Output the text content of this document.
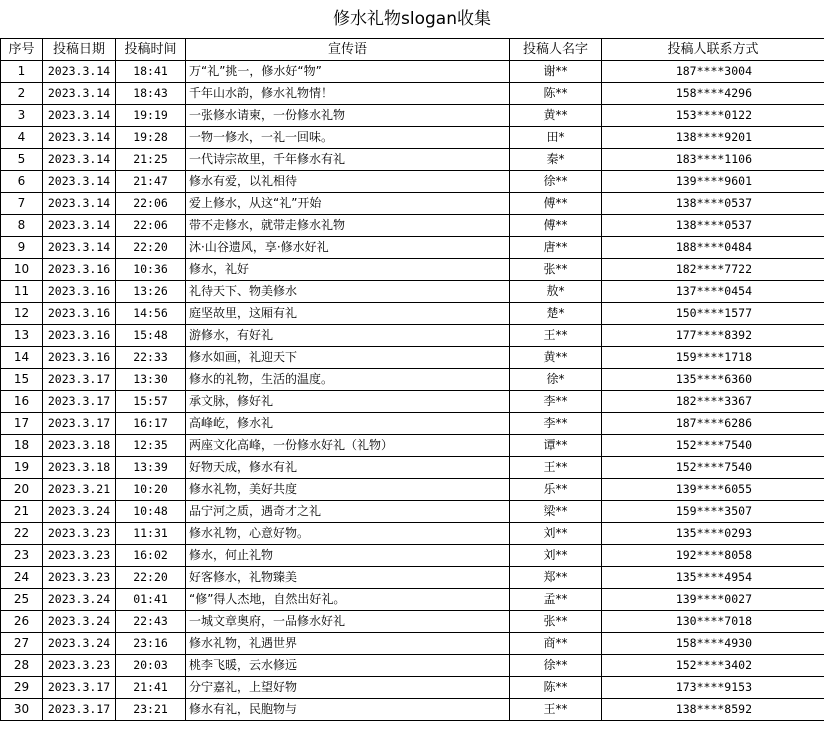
修水礼物slogan收集
序号	投稿日期	投稿时间	宣传语	投稿人名字	投稿人联系方式
1	2023.3.14	18:41	万“礼”挑一，修水好“物”	谢**	187****3004
2	2023.3.14	18:43	千年山水韵，修水礼物情！	陈**	158****4296
3	2023.3.14	19:19	一张修水请柬，一份修水礼物	黄**	153****0122
4	2023.3.14	19:28	一物一修水，一礼一回味。	田*	138****9201
5	2023.3.14	21:25	一代诗宗故里，千年修水有礼	秦*	183****1106
6	2023.3.14	21:47	修水有爱，以礼相待	徐**	139****9601
7	2023.3.14	22:06	爱上修水，从这“礼”开始	傅**	138****0537
8	2023.3.14	22:06	带不走修水，就带走修水礼物	傅**	138****0537
9	2023.3.14	22:20	沐·山谷遗风，享·修水好礼	唐**	188****0484
10	2023.3.16	10:36	修水，礼好	张**	182****7722
11	2023.3.16	13:26	礼待天下、物美修水	敖*	137****0454
12	2023.3.16	14:56	庭坚故里，这厢有礼	楚*	150****1577
13	2023.3.16	15:48	游修水，有好礼	王**	177****8392
14	2023.3.16	22:33	修水如画，礼迎天下	黄**	159****1718
15	2023.3.17	13:30	修水的礼物，生活的温度。	徐*	135****6360
16	2023.3.17	15:57	承文脉，修好礼	李**	182****3367
17	2023.3.17	16:17	高峰屹，修水礼	李**	187****6286
18	2023.3.18	12:35	两座文化高峰，一份修水好礼（礼物）	谭**	152****7540
19	2023.3.18	13:39	好物天成，修水有礼	王**	152****7540
20	2023.3.21	10:20	修水礼物，美好共度	乐**	139****6055
21	2023.3.24	10:48	品宁河之质，遇奇才之礼	梁**	159****3507
22	2023.3.23	11:31	修水礼物，心意好物。	刘**	135****0293
23	2023.3.23	16:02	修水，何止礼物	刘**	192****8058
24	2023.3.23	22:20	好客修水，礼物臻美	郑**	135****4954
25	2023.3.24	01:41	“修”得人杰地，自然出好礼。	孟**	139****0027
26	2023.3.24	22:43	一城文章奥府，一品修水好礼	张**	130****7018
27	2023.3.24	23:16	修水礼物，礼遇世界	商**	158****4930
28	2023.3.23	20:03	桃李飞暖，云水修远	徐**	152****3402
29	2023.3.17	21:41	分宁嘉礼，上望好物	陈**	173****9153
30	2023.3.17	23:21	修水有礼，民胞物与	王**	138****8592
